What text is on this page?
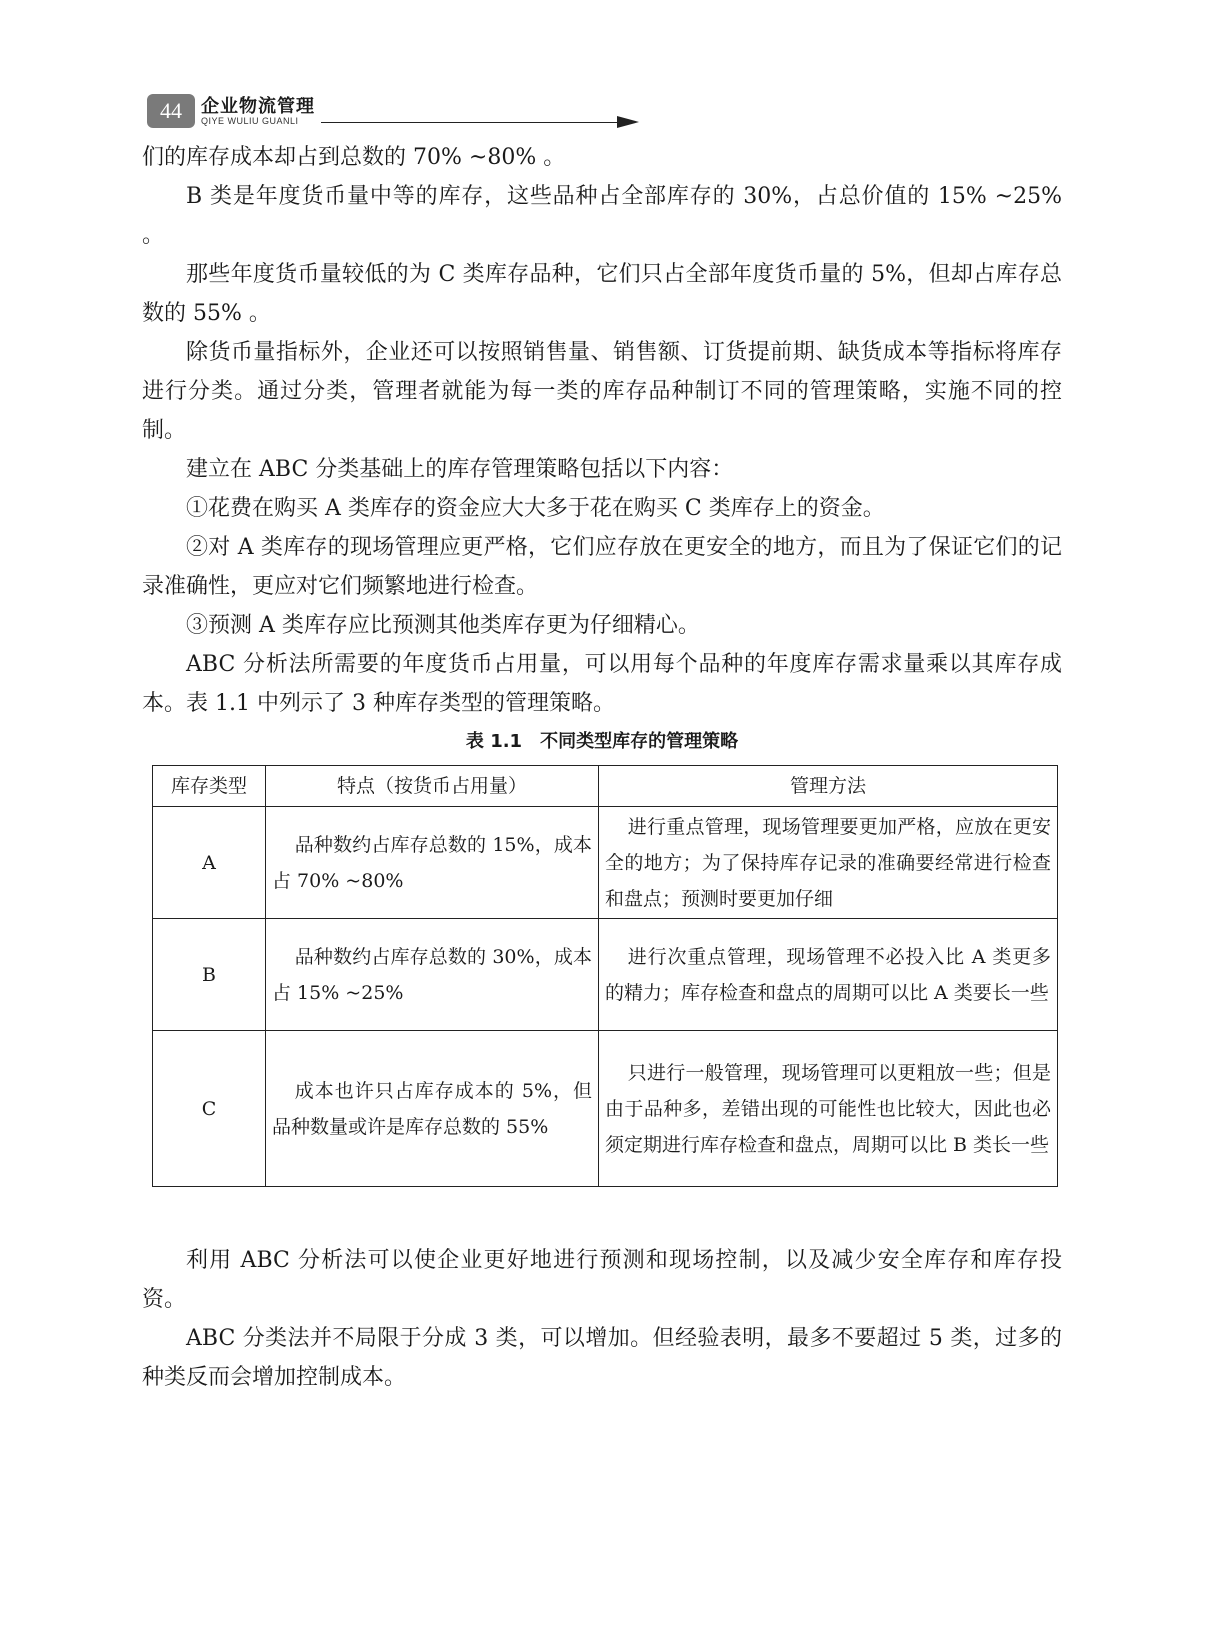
44	企业物流管理
QIYE WULIU GUANLI

们的库存成本却占到总数的 70% ~80% 。

B 类是年度货币量中等的库存，这些品种占全部库存的 30%，占总价值的 15% ~25% 。

那些年度货币量较低的为 C 类库存品种，它们只占全部年度货币量的 5%，但却占库存总数的 55% 。

除货币量指标外，企业还可以按照销售量、销售额、订货提前期、缺货成本等指标将库存进行分类。通过分类，管理者就能为每一类的库存品种制订不同的管理策略，实施不同的控制。

建立在 ABC 分类基础上的库存管理策略包括以下内容：

①花费在购买 A 类库存的资金应大大多于花在购买 C 类库存上的资金。

②对 A 类库存的现场管理应更严格，它们应存放在更安全的地方，而且为了保证它们的记录准确性，更应对它们频繁地进行检查。

③预测 A 类库存应比预测其他类库存更为仔细精心。

ABC 分析法所需要的年度货币占用量，可以用每个品种的年度库存需求量乘以其库存成本。表 1.1 中列示了 3 种库存类型的管理策略。

表 1.1　不同类型库存的管理策略
库存类型	特点（按货币占用量）	管理方法
A	品种数约占库存总数的 15%，成本占 70% ~80%	进行重点管理，现场管理要更加严格，应放在更安全的地方；为了保持库存记录的准确要经常进行检查和盘点；预测时要更加仔细
B	品种数约占库存总数的 30%，成本占 15% ~25%	进行次重点管理，现场管理不必投入比 A 类更多的精力；库存检查和盘点的周期可以比 A 类要长一些
C	成本也许只占库存成本的 5%，但品种数量或许是库存总数的 55%	只进行一般管理，现场管理可以更粗放一些；但是由于品种多，差错出现的可能性也比较大，因此也必须定期进行库存检查和盘点，周期可以比 B 类长一些

利用 ABC 分析法可以使企业更好地进行预测和现场控制，以及减少安全库存和库存投资。

ABC 分类法并不局限于分成 3 类，可以增加。但经验表明，最多不要超过 5 类，过多的种类反而会增加控制成本。
